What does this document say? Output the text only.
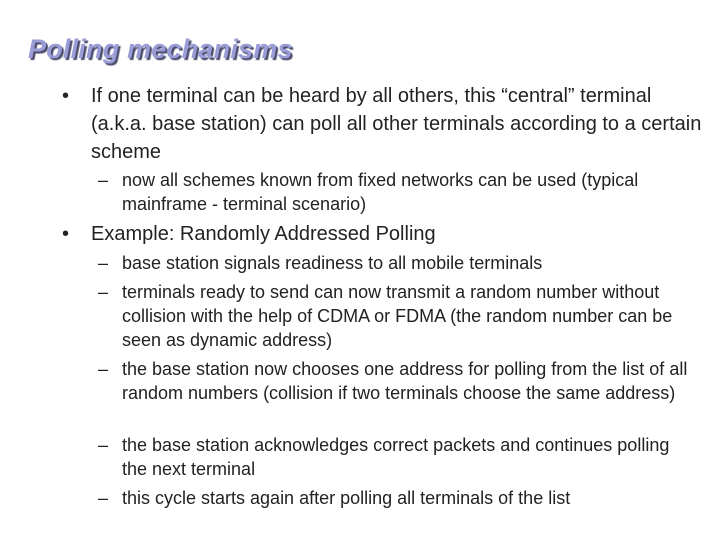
Polling mechanisms
• If one terminal can be heard by all others, this “central” terminal (a.k.a. base station) can poll all other terminals according to a certain scheme
– now all schemes known from fixed networks can be used (typical mainframe - terminal scenario)
• Example: Randomly Addressed Polling
– base station signals readiness to all mobile terminals
– terminals ready to send can now transmit a random number without collision with the help of CDMA or FDMA (the random number can be seen as dynamic address)
– the base station now chooses one address for polling from the list of all random numbers (collision if two terminals choose the same address)
– the base station acknowledges correct packets and continues polling the next terminal
– this cycle starts again after polling all terminals of the list
